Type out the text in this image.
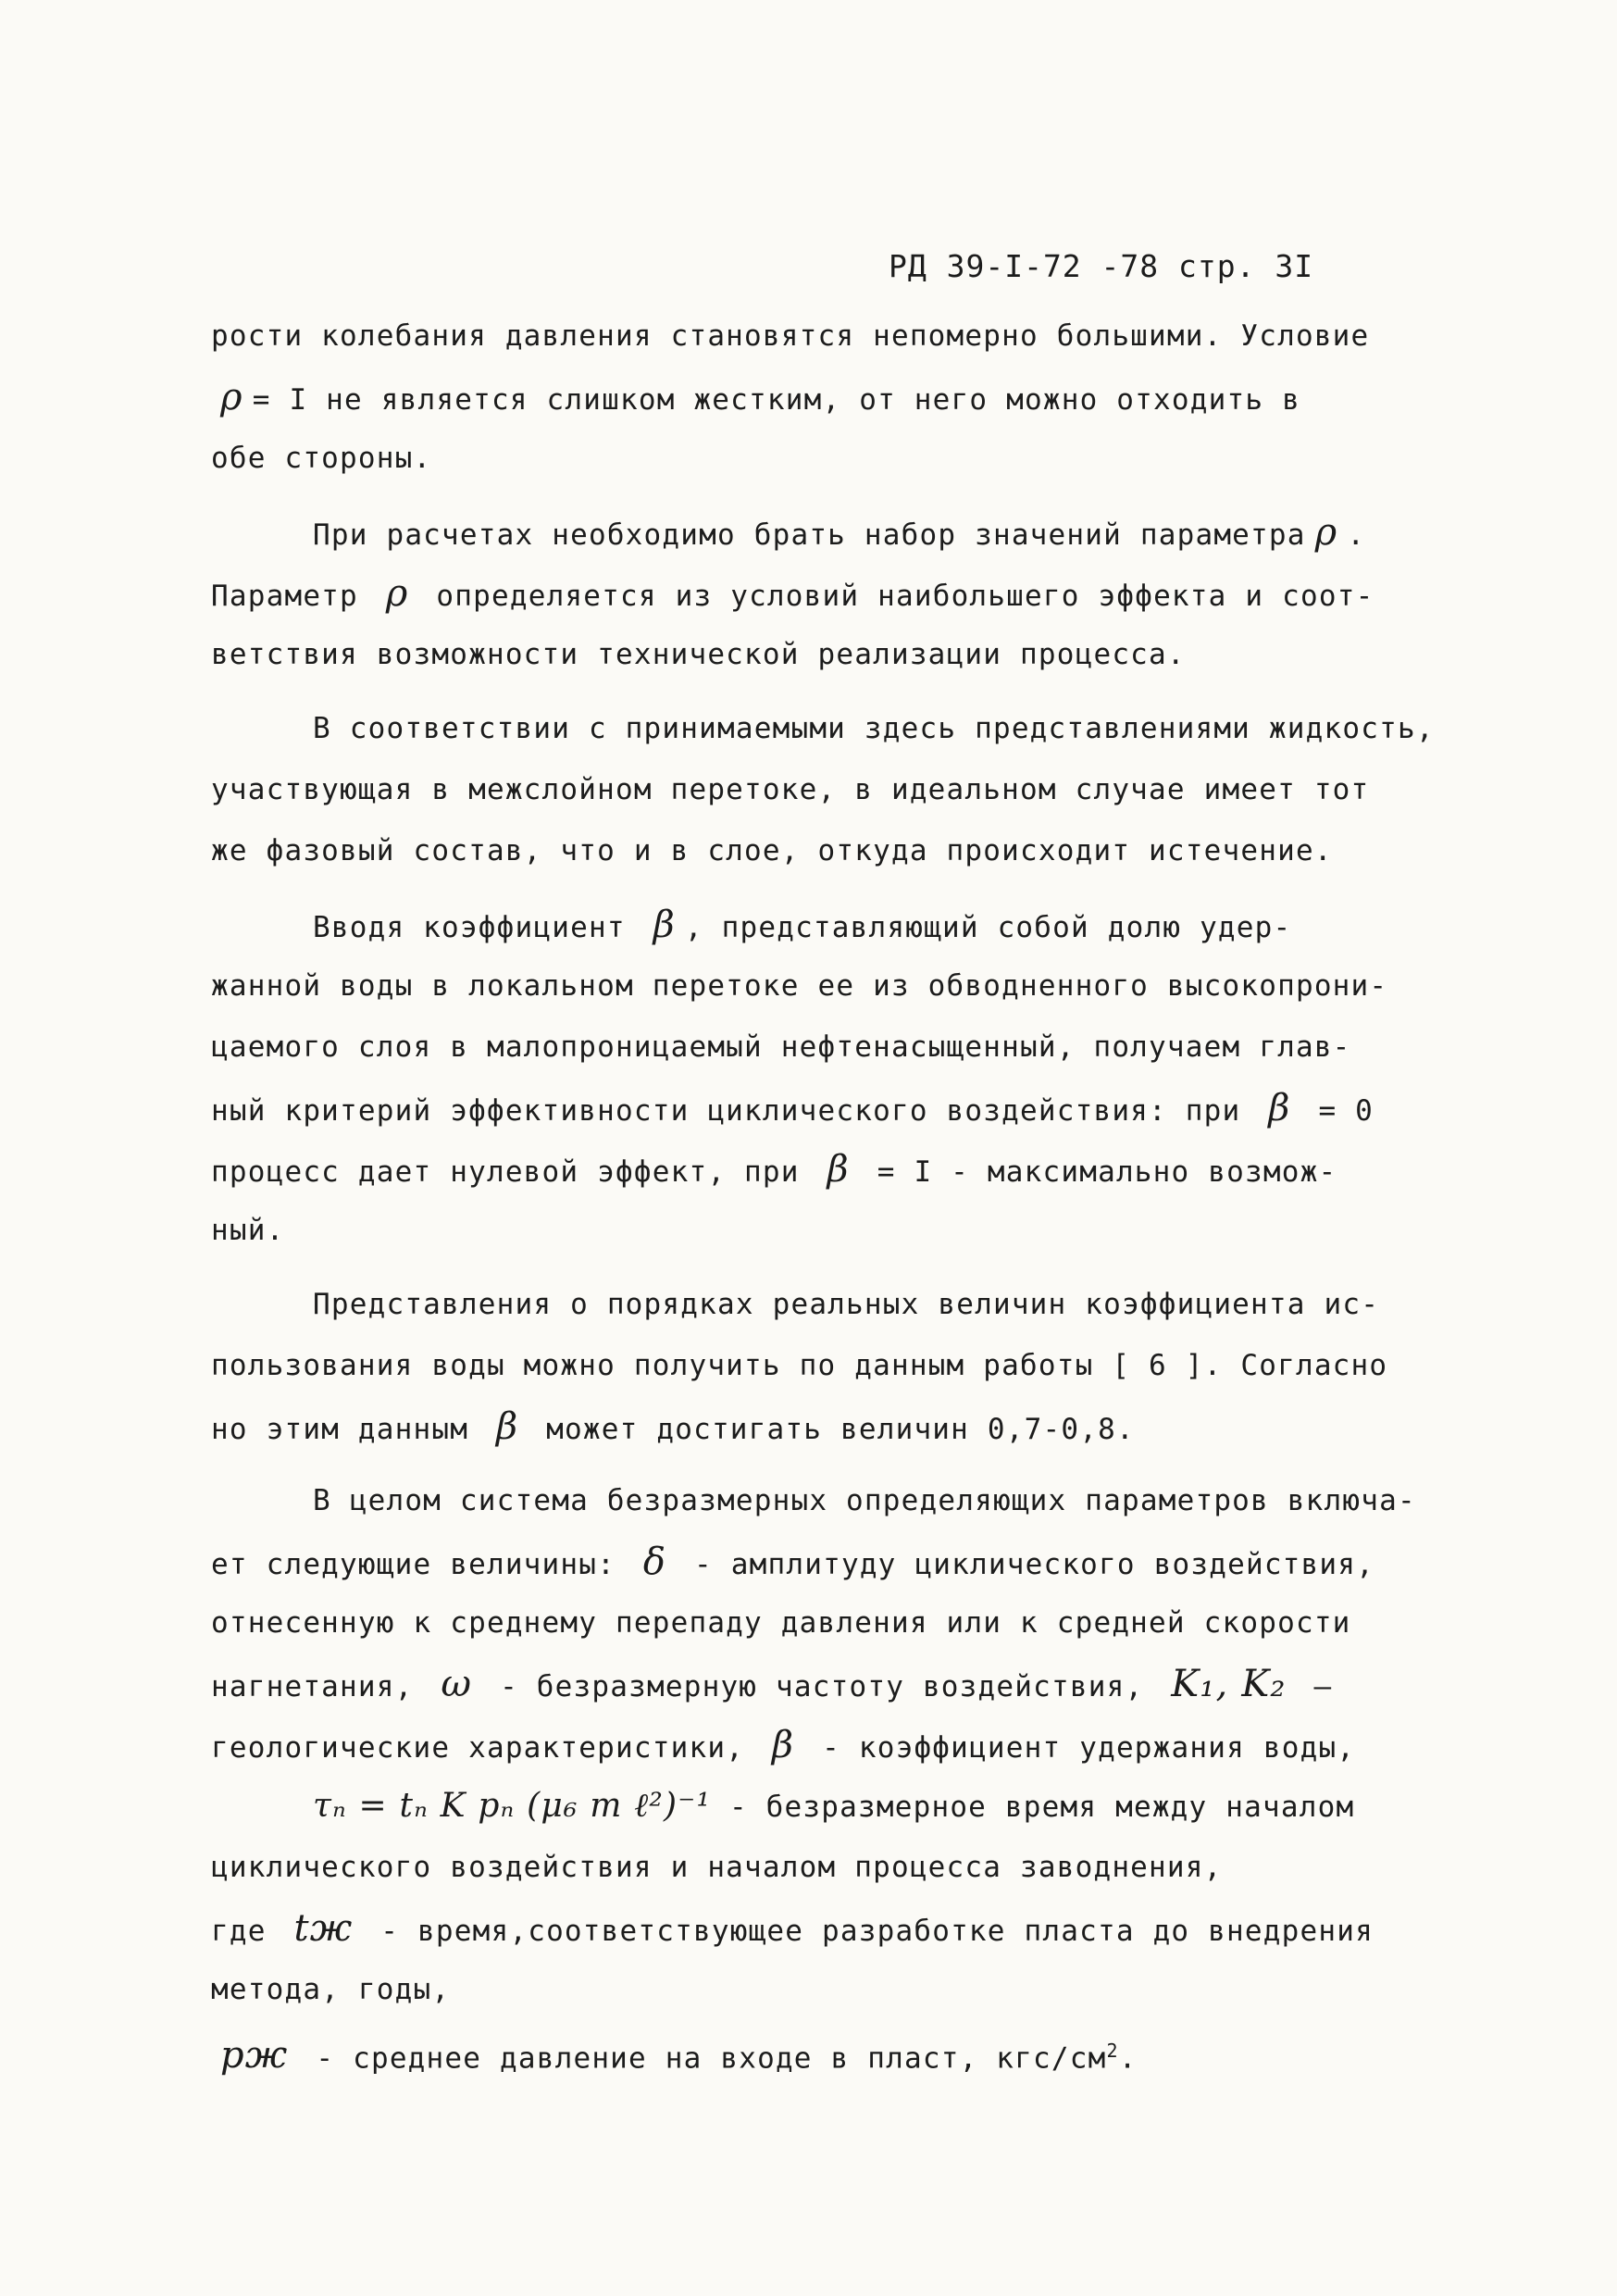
РД 39-I-72 -78 стр. 3I
рости колебания давления становятся непомерно большими. Условие
ρ = I не является слишком жестким, от него можно отходить в
обе стороны.
При расчетах необходимо брать набор значений параметра ρ .
Параметр ρ определяется из условий наибольшего эффекта и соот-
ветствия возможности технической реализации процесса.
В соответствии с принимаемыми здесь представлениями жидкость,
участвующая в межслойном перетоке, в идеальном случае имеет тот
же фазовый состав, что и в слое, откуда происходит истечение.
Вводя коэффициент β , представляющий собой долю удер-
жанной воды в локальном перетоке ее из обводненного высокопрони-
цаемого слоя в малопроницаемый нефтенасыщенный, получаем глав-
ный критерий эффективности циклического воздействия: при β = 0
процесс дает нулевой эффект, при β = I - максимально возмож-
ный.
Представления о порядках реальных величин коэффициента ис-
пользования воды можно получить по данным работы [ 6 ]. Согласно
но этим данным β может достигать величин 0,7-0,8.
В целом система безразмерных определяющих параметров включа-
ет следующие величины: δ - амплитуду циклического воздействия,
отнесенную к среднему перепаду давления или к средней скорости
нагнетания, ω - безразмерную частоту воздействия, K₁, K₂ —
геологические характеристики, β - коэффициент удержания воды,
τₙ = tₙ K pₙ (μ₆ m ℓ²)⁻¹ - безразмерное время между началом
циклического воздействия и началом процесса заводнения,
где tж - время,соответствующее разработке пласта до внедрения
метода, годы,
pж - среднее давление на входе в пласт, кгс/$см^2$.
